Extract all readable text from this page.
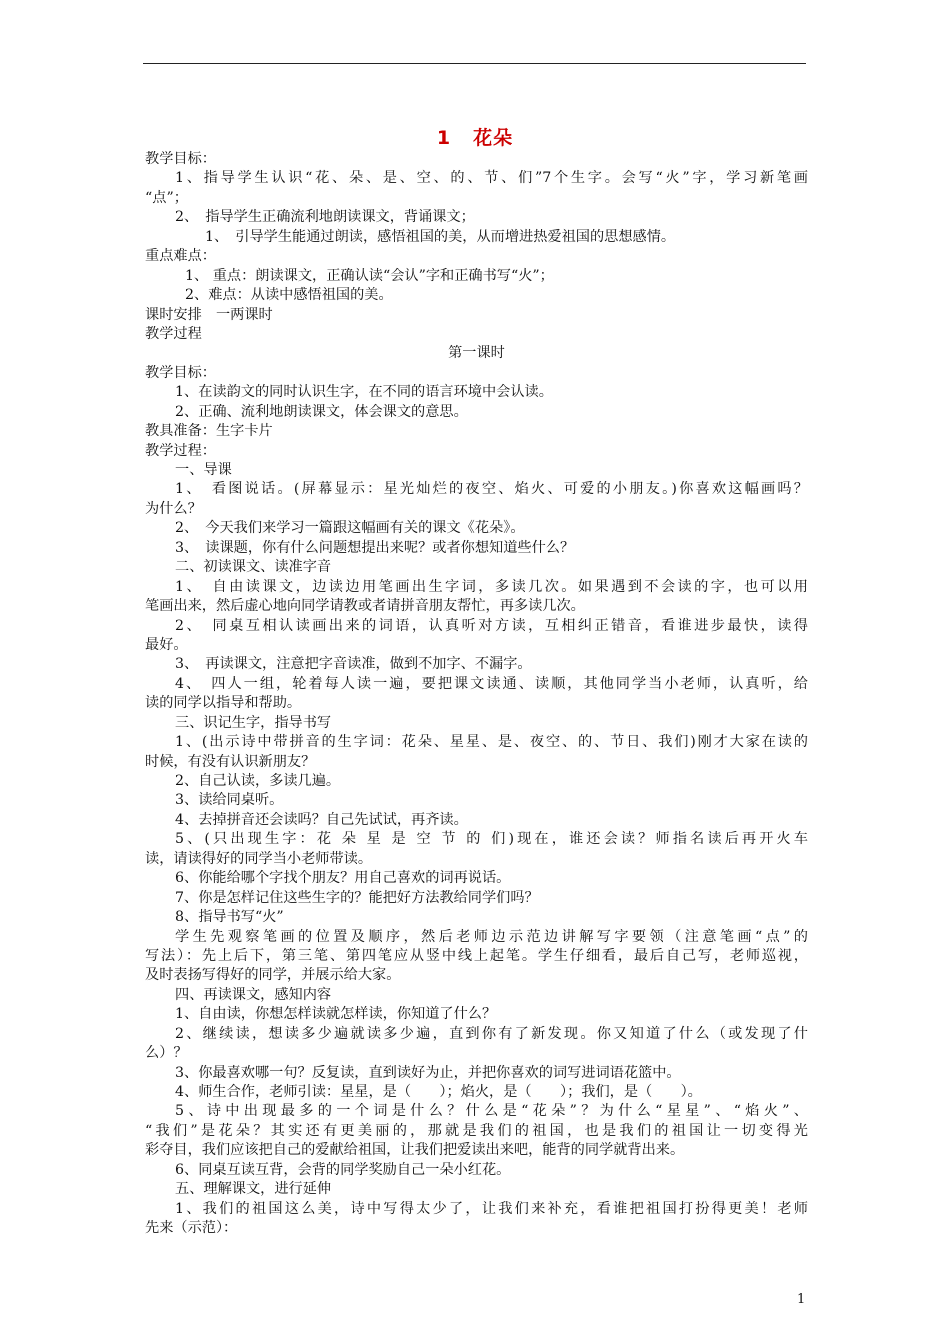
1 花朵
教学目标：
1、指导学生认识“花、朵、是、空、的、节、们”7个生字。会写“火”字，学习新笔画
“点”；
2、　指导学生正确流利地朗读课文，背诵课文；
1、　引导学生能通过朗读，感悟祖国的美，从而增进热爱祖国的思想感情。
重点难点：
1、 重点：朗读课文，正确认读“会认”字和正确书写“火”；
2、难点：从读中感悟祖国的美。
课时安排　一两课时
教学过程
第一课时
教学目标：
1、在读韵文的同时认识生字，在不同的语言环境中会认读。
2、正确、流利地朗读课文，体会课文的意思。
教具准备：生字卡片
教学过程：
一、导课
1、　看图说话。(屏幕显示：星光灿烂的夜空、焰火、可爱的小朋友。)你喜欢这幅画吗？
为什么？
2、　今天我们来学习一篇跟这幅画有关的课文《花朵》。
3、　读课题，你有什么问题想提出来呢？或者你想知道些什么？
二、初读课文、读准字音
1、　自由读课文，边读边用笔画出生字词，多读几次。如果遇到不会读的字，也可以用
笔画出来，然后虚心地向同学请教或者请拼音朋友帮忙，再多读几次。
2、　同桌互相认读画出来的词语，认真听对方读，互相纠正错音，看谁进步最快，读得
最好。
3、　再读课文，注意把字音读准，做到不加字、不漏字。
4、　四人一组，轮着每人读一遍，要把课文读通、读顺，其他同学当小老师，认真听，给
读的同学以指导和帮助。
三、识记生字，指导书写
1、(出示诗中带拼音的生字词：花朵、星星、是、夜空、的、节日、我们)刚才大家在读的
时候，有没有认识新朋友？
2、自己认读，多读几遍。
3、读给同桌听。
4、去掉拼音还会读吗？自己先试试，再齐读。
5、(只出现生字：花 朵 星 是 空 节 的 们)现在，谁还会读？师指名读后再开火车
读，请读得好的同学当小老师带读。
6、你能给哪个字找个朋友？用自己喜欢的词再说话。
7、你是怎样记住这些生字的？能把好方法教给同学们吗？
8、指导书写“火”
学生先观察笔画的位置及顺序，然后老师边示范边讲解写字要领（注意笔画“点”的
写法）：先上后下，第三笔、第四笔应从竖中线上起笔。学生仔细看，最后自己写，老师巡视，
及时表扬写得好的同学，并展示给大家。
四、再读课文，感知内容
1、自由读，你想怎样读就怎样读，你知道了什么？
2、继续读，想读多少遍就读多少遍，直到你有了新发现。你又知道了什么（或发现了什
么）？
3、你最喜欢哪一句？反复读，直到读好为止，并把你喜欢的词写进词语花篮中。
4、师生合作，老师引读：星星，是（　　）；焰火，是（　　）；我们，是（　　）。
5、诗中出现最多的一个词是什么？什么是“花朵”？为什么“星星”、“焰火”、
“我们”是花朵？其实还有更美丽的，那就是我们的祖国，也是我们的祖国让一切变得光
彩夺目，我们应该把自己的爱献给祖国，让我们把爱读出来吧，能背的同学就背出来。
6、同桌互读互背，会背的同学奖励自己一朵小红花。
五、理解课文，进行延伸
1、我们的祖国这么美，诗中写得太少了，让我们来补充，看谁把祖国打扮得更美！老师
先来（示范）：
1
